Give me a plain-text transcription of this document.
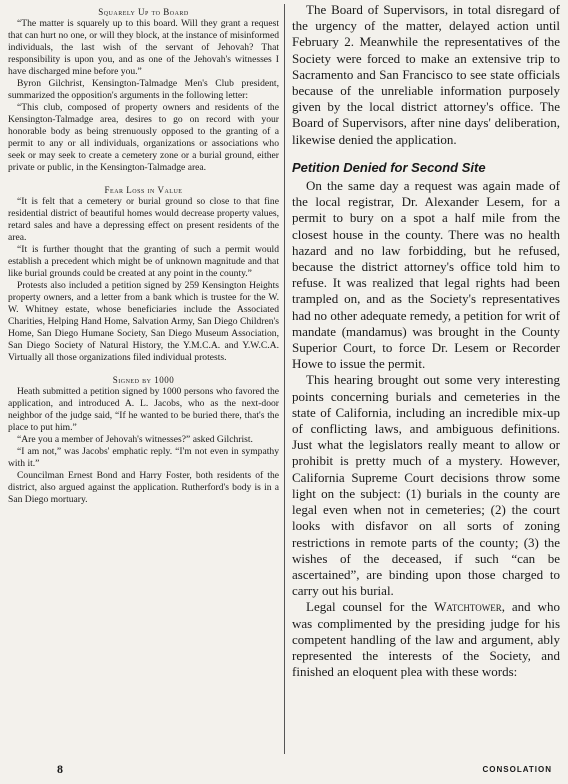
Squarely Up to Board

“The matter is squarely up to this board. Will they grant a request that can hurt no one, or will they block, at the instance of misinformed individuals, the last wish of the servant of Jehovah? That responsibility is upon you, and as one of the Jehovah's witnesses I have discharged mine before you.”

Byron Gilchrist, Kensington-Talmadge Men's Club president, summarized the opposition's arguments in the following letter:

“This club, composed of property owners and residents of the Kensington-Talmadge area, desires to go on record with your honorable body as being strenuously opposed to the granting of a permit to any or all individuals, organizations or associations who seek or may seek to create a cemetery zone or a burial ground, either private or public, in the Kensington-Talmadge area.

Fear Loss in Value

“It is felt that a cemetery or burial ground so close to that fine residential district of beautiful homes would decrease property values, retard sales and have a depressing effect on present residents of the area.

“It is further thought that the granting of such a permit would establish a precedent which might be of unknown magnitude and that like burial grounds could be created at any point in the county.”

Protests also included a petition signed by 259 Kensington Heights property owners, and a letter from a bank which is trustee for the W. W. Whitney estate, whose beneficiaries include the Associated Charities, Helping Hand Home, Salvation Army, San Diego Children's Home, San Diego Humane Society, San Diego Museum Association, San Diego Society of Natural History, the Y.M.C.A. and Y.W.C.A. Virtually all those organizations filed individual protests.

Signed by 1000

Heath submitted a petition signed by 1000 persons who favored the application, and introduced A. L. Jacobs, who as the next-door neighbor of the judge said, “If he wanted to be buried there, that's the place to put him.”

“Are you a member of Jehovah's witnesses?” asked Gilchrist.

“I am not,” was Jacobs' emphatic reply. “I'm not even in sympathy with it.”

Councilman Ernest Bond and Harry Foster, both residents of the district, also argued against the application. Rutherford's body is in a San Diego mortuary.

The Board of Supervisors, in total disregard of the urgency of the matter, delayed action until February 2. Meanwhile the representatives of the Society were forced to make an extensive trip to Sacramento and San Francisco to see state officials because of the unreliable information purposely given by the local district attorney's office. The Board of Supervisors, after nine days' deliberation, likewise denied the application.

Petition Denied for Second Site

On the same day a request was again made of the local registrar, Dr. Alexander Lesem, for a permit to bury on a spot a half mile from the closest house in the county. There was no health hazard and no law forbidding, but he refused, because the district attorney's office told him to refuse. It was realized that legal rights had been trampled on, and as the Society's representatives had no other adequate remedy, a petition for writ of mandate (mandamus) was brought in the County Superior Court, to force Dr. Lesem or Recorder Howe to issue the permit.

This hearing brought out some very interesting points concerning burials and cemeteries in the state of California, including an incredible mix-up of conflicting laws, and ambiguous definitions. Just what the legislators really meant to allow or prohibit is pretty much of a mystery. However, California Supreme Court decisions throw some light on the subject: (1) burials in the county are legal even when not in cemeteries; (2) the court looks with disfavor on all sorts of zoning restrictions in remote parts of the county; (3) the wishes of the deceased, if such “can be ascertained”, are binding upon those charged to carry out his burial.

Legal counsel for the Watchtower, and who was complimented by the presiding judge for his competent handling of the law and argument, ably represented the interests of the Society, and finished an eloquent plea with these words:

8	CONSOLATION
